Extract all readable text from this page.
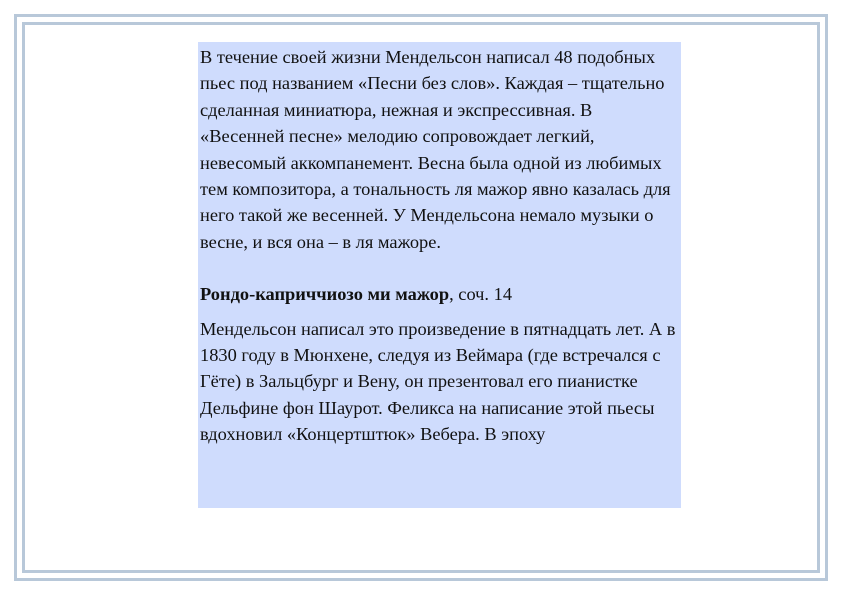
В течение своей жизни Мендельсон написал 48 подобных пьес под названием «Песни без слов». Каждая – тщательно сделанная миниатюра, нежная и экспрессивная. В «Весенней песне» мелодию сопровождает легкий, невесомый аккомпанемент. Весна была одной из любимых тем композитора, а тональность ля мажор явно казалась для него такой же весенней. У Мендельсона немало музыки о весне, и вся она – в ля мажоре.

Рондо-каприччиозо ми мажор, соч. 14

Мендельсон написал это произведение в пятнадцать лет. А в 1830 году в Мюнхене, следуя из Веймара (где встречался с Гёте) в Зальцбург и Вену, он презентовал его пианистке Дельфине фон Шаурот. Феликса на написание этой пьесы вдохновил «Концертштюк» Вебера. В эпоху
